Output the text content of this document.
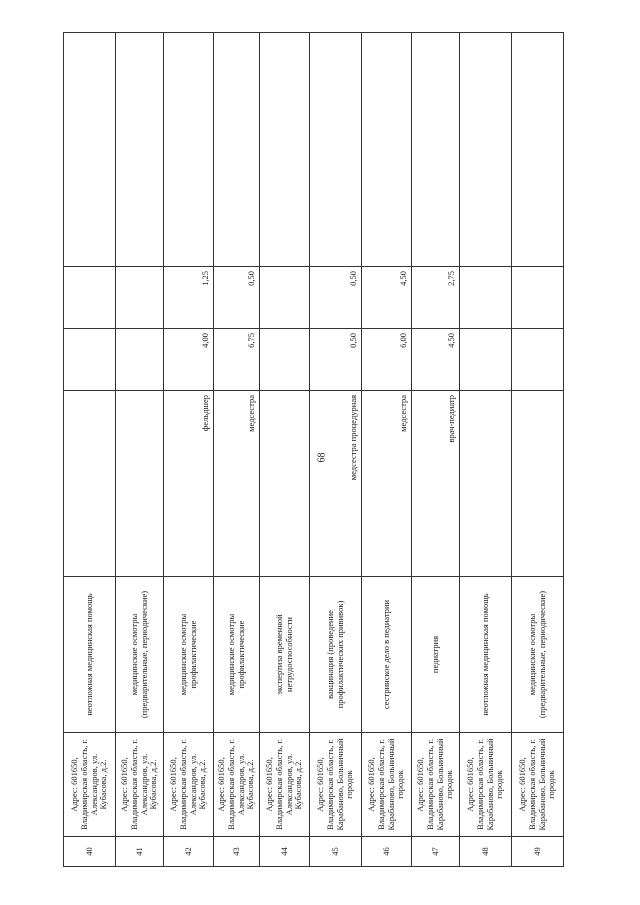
68
40	Адрес: 601650, Владимирская область, г. Александров, ул. Кубасова, д.2.	неотложная медицинская помощь				
41	Адрес: 601650, Владимирская область, г. Александров, ул. Кубасова, д.2.	медицинские осмотры (предварительные, периодические)				
42	Адрес: 601650, Владимирская область, г. Александров, ул. Кубасова, д.2.	медицинские осмотры профилактические	фельдшер	4,00	1,25	
43	Адрес: 601650, Владимирская область, г. Александров, ул. Кубасова, д.2.	медицинские осмотры профилактические	медсестра	6,75	0,50	
44	Адрес: 601650, Владимирская область, г. Александров, ул. Кубасова, д.2.	экспертиза временной нетрудоспособности				
45	Адрес: 601650, Владимирская область, г. Карабаново, Больничный городок	вакцинация (проведение профилактических прививок)	медсестра процедурная	0,50	0,50	
46	Адрес: 601650, Владимирская область, г. Карабаново, Больничный городок	сестринское дело в педиатрии	медсестра	6,00	4,50	
47	Адрес: 601650, Владимирская область, г. Карабаново, Больничный городок	педиатрия	врач-педиатр	4,50	2,75	
48	Адрес: 601650, Владимирская область, г. Карабаново, Больничный городок	неотложная медицинская помощь				
49	Адрес: 601650, Владимирская область, г. Карабаново, Больничный городок	медицинские осмотры (предварительные, периодические)				
